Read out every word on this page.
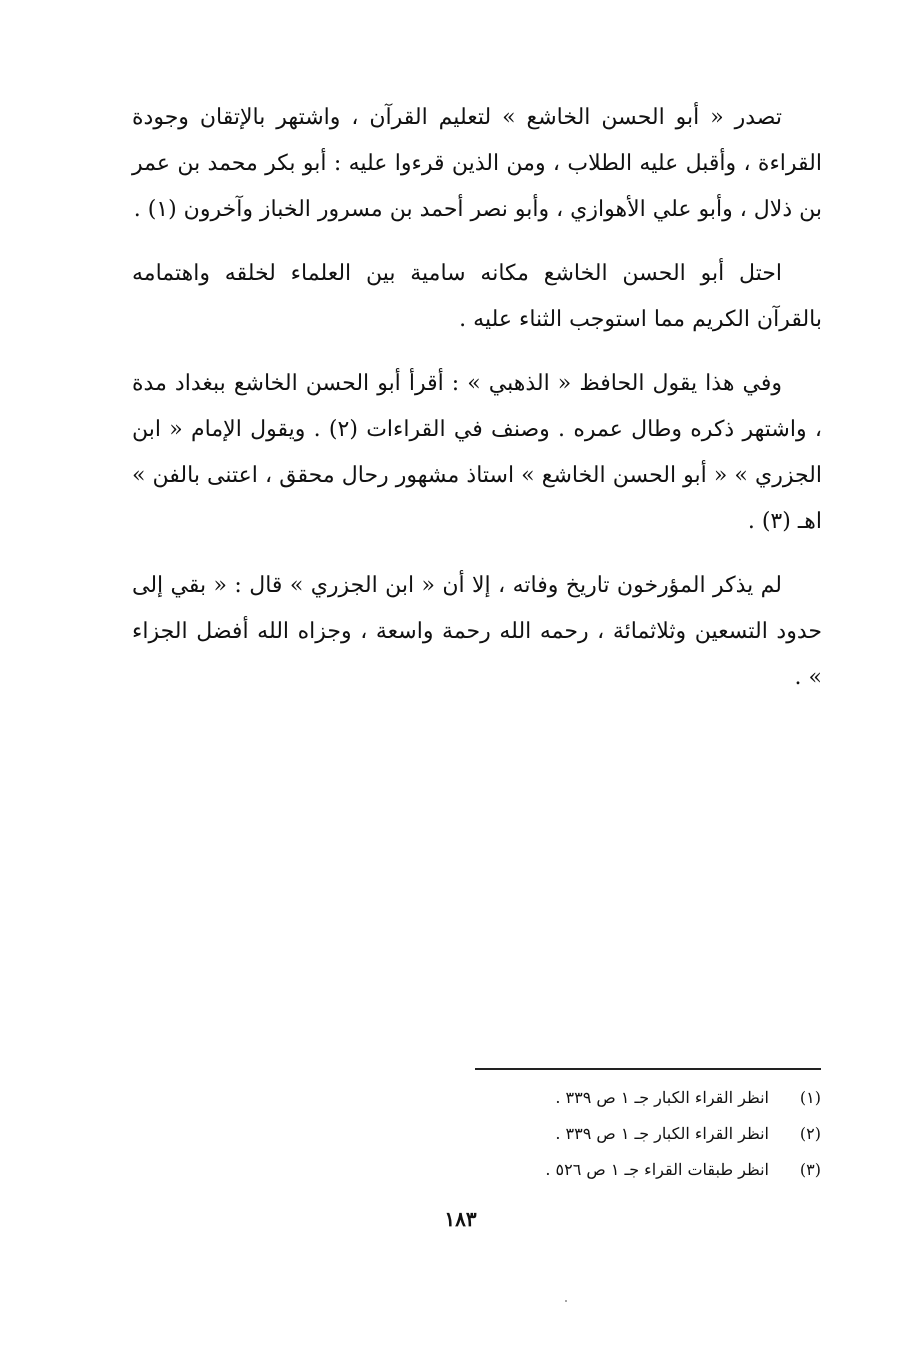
تصدر « أبو الحسن الخاشع » لتعليم القرآن ، واشتهر بالإتقان وجودة القراءة ، وأقبل عليه الطلاب ، ومن الذين قرءوا عليه : أبو بكر محمد بن عمر بن ذلال ، وأبو علي الأهوازي ، وأبو نصر أحمد بن مسرور الخباز وآخرون (١) .

احتل أبو الحسن الخاشع مكانه سامية بين العلماء لخلقه واهتمامه بالقرآن الكريم مما استوجب الثناء عليه .

وفي هذا يقول الحافظ « الذهبي » : أقرأ أبو الحسن الخاشع ببغداد مدة ، واشتهر ذكره وطال عمره . وصنف في القراءات (٢) . ويقول الإمام « ابن الجزري » « أبو الحسن الخاشع » استاذ مشهور رحال محقق ، اعتنى بالفن » اهـ (٣) .

لم يذكر المؤرخون تاريخ وفاته ، إلا أن « ابن الجزري » قال : « بقي إلى حدود التسعين وثلاثمائة ، رحمه الله رحمة واسعة ، وجزاه الله أفضل الجزاء » .

(١)
انظر القراء الكبار جـ ١ ص ٣٣٩ .
(٢)
انظر القراء الكبار جـ ١ ص ٣٣٩ .
(٣)
انظر طبقات القراء جـ ١ ص ٥٢٦ .
١٨٣
